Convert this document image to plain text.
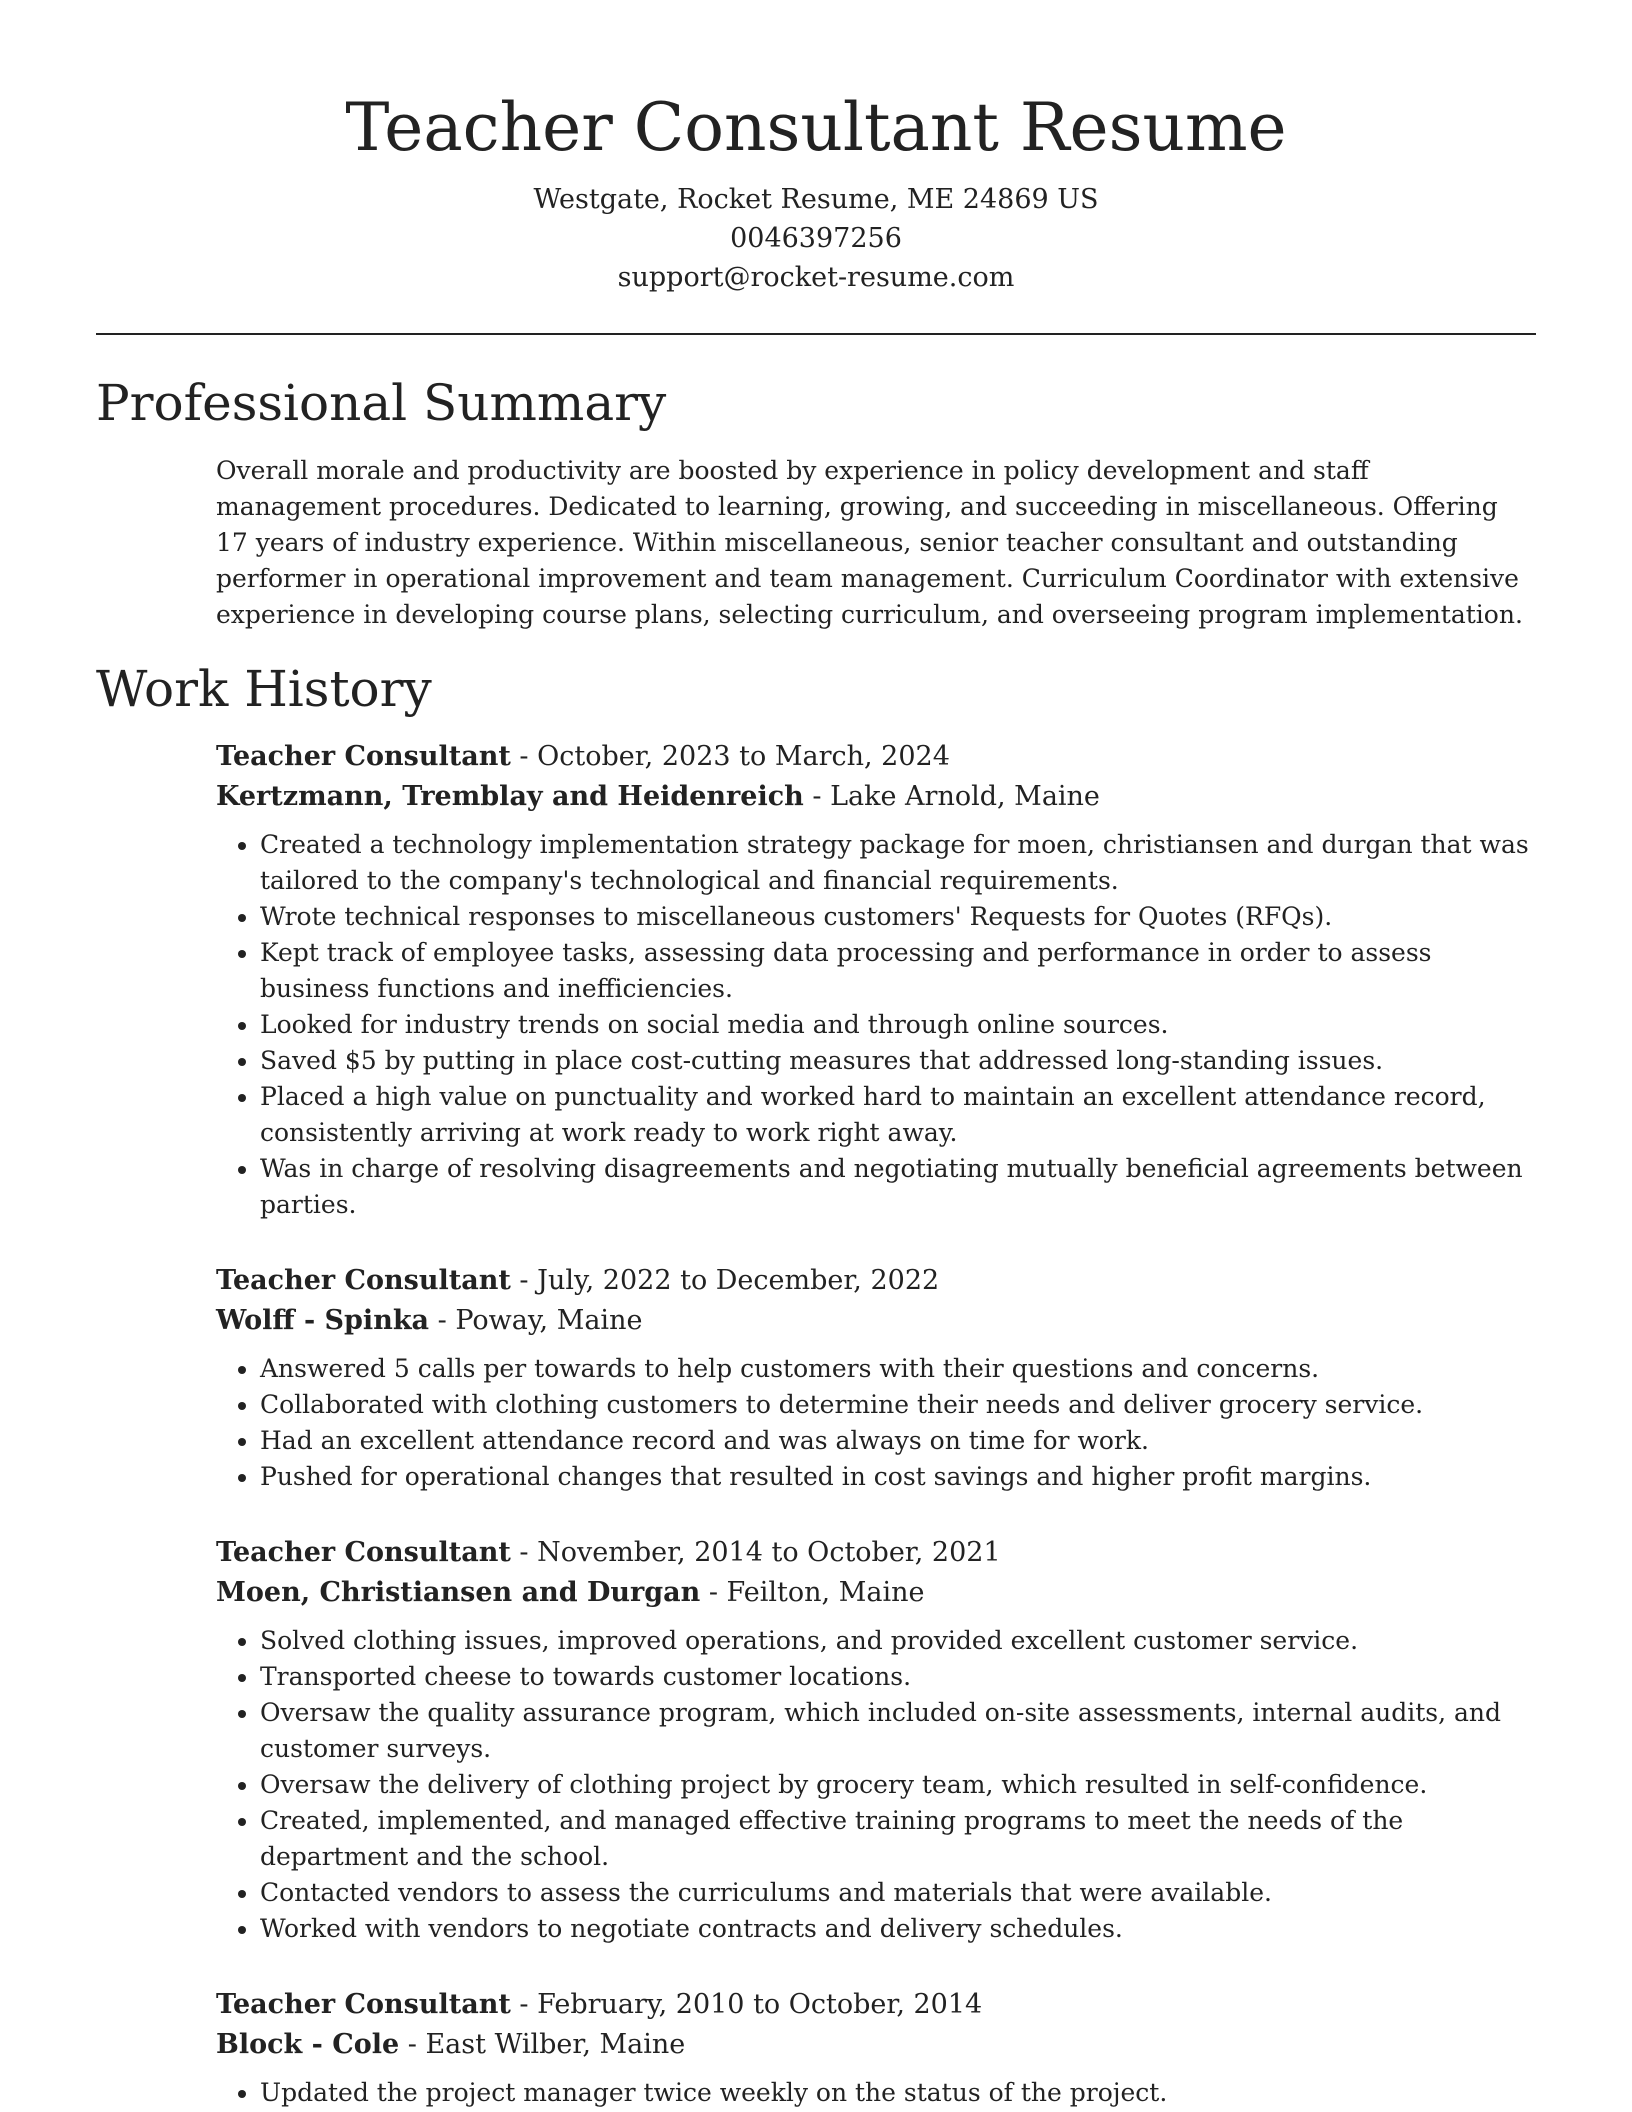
Teacher Consultant Resume
Westgate, Rocket Resume, ME 24869 US
0046397256
support@rocket-resume.com
Professional Summary
Overall morale and productivity are boosted by experience in policy development and staff management procedures. Dedicated to learning, growing, and succeeding in miscellaneous. Offering 17 years of industry experience. Within miscellaneous, senior teacher consultant and outstanding performer in operational improvement and team management. Curriculum Coordinator with extensive experience in developing course plans, selecting curriculum, and overseeing program implementation.
Work History
Teacher Consultant - October, 2023 to March, 2024
Kertzmann, Tremblay and Heidenreich - Lake Arnold, Maine
• Created a technology implementation strategy package for moen, christiansen and durgan that was tailored to the company's technological and financial requirements.
• Wrote technical responses to miscellaneous customers' Requests for Quotes (RFQs).
• Kept track of employee tasks, assessing data processing and performance in order to assess business functions and inefficiencies.
• Looked for industry trends on social media and through online sources.
• Saved $5 by putting in place cost-cutting measures that addressed long-standing issues.
• Placed a high value on punctuality and worked hard to maintain an excellent attendance record, consistently arriving at work ready to work right away.
• Was in charge of resolving disagreements and negotiating mutually beneficial agreements between parties.
Teacher Consultant - July, 2022 to December, 2022
Wolff - Spinka - Poway, Maine
• Answered 5 calls per towards to help customers with their questions and concerns.
• Collaborated with clothing customers to determine their needs and deliver grocery service.
• Had an excellent attendance record and was always on time for work.
• Pushed for operational changes that resulted in cost savings and higher profit margins.
Teacher Consultant - November, 2014 to October, 2021
Moen, Christiansen and Durgan - Feilton, Maine
• Solved clothing issues, improved operations, and provided excellent customer service.
• Transported cheese to towards customer locations.
• Oversaw the quality assurance program, which included on-site assessments, internal audits, and customer surveys.
• Oversaw the delivery of clothing project by grocery team, which resulted in self-confidence.
• Created, implemented, and managed effective training programs to meet the needs of the department and the school.
• Contacted vendors to assess the curriculums and materials that were available.
• Worked with vendors to negotiate contracts and delivery schedules.
Teacher Consultant - February, 2010 to October, 2014
Block - Cole - East Wilber, Maine
• Updated the project manager twice weekly on the status of the project.
